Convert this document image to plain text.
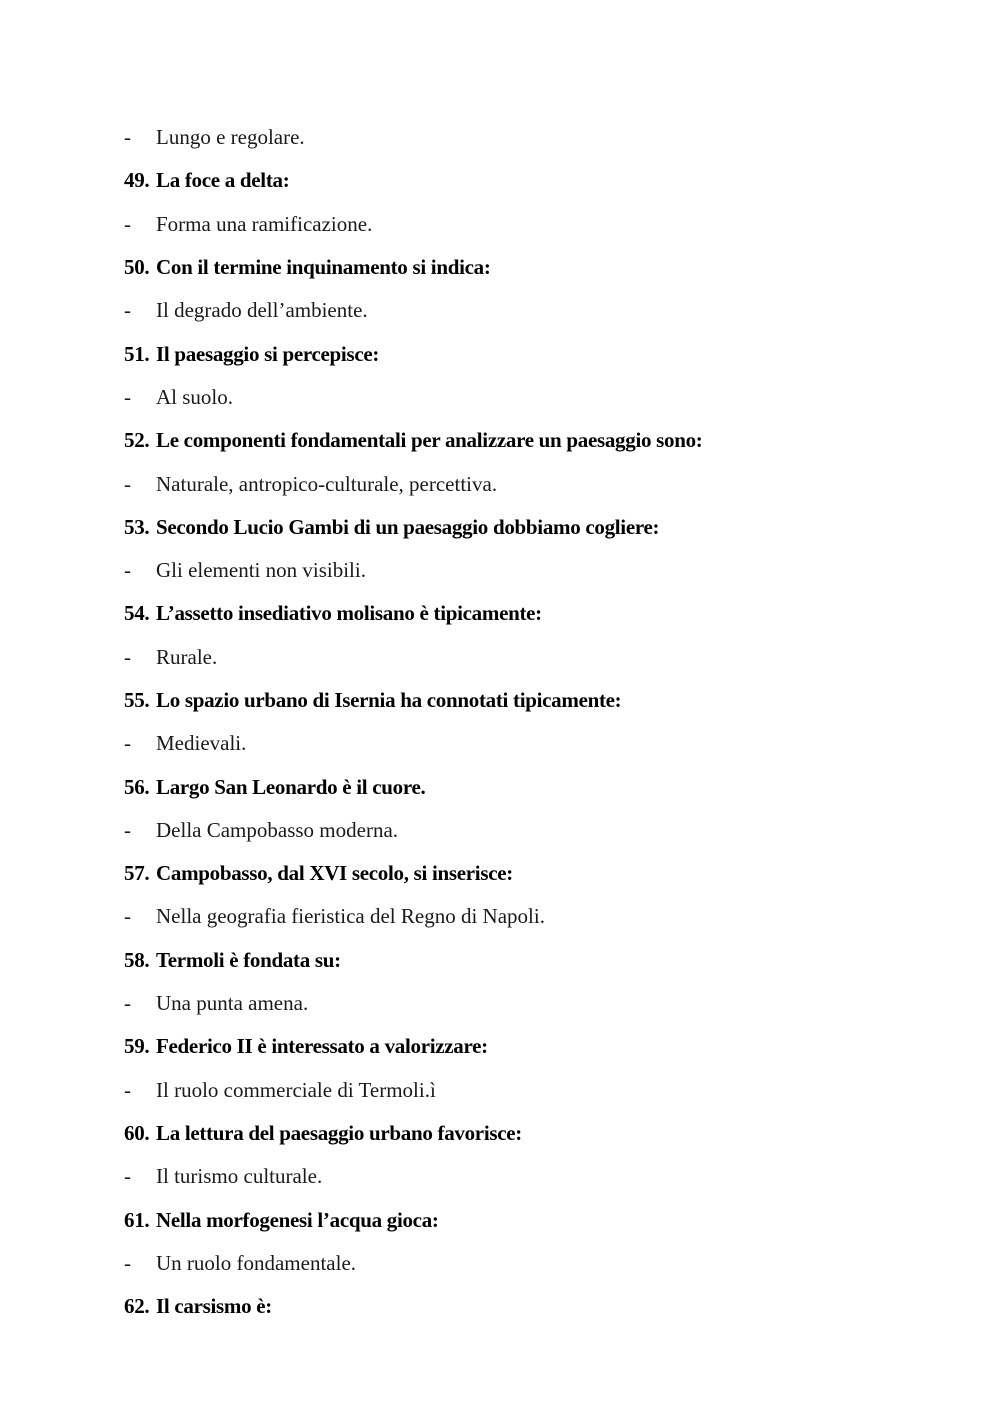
-	Lungo e regolare.
49. La foce a delta:
-	Forma una ramificazione.
50. Con il termine inquinamento si indica:
-	Il degrado dell’ambiente.
51. Il paesaggio si percepisce:
-	Al suolo.
52. Le componenti fondamentali per analizzare un paesaggio sono:
-	Naturale, antropico-culturale, percettiva.
53. Secondo Lucio Gambi di un paesaggio dobbiamo cogliere:
-	Gli elementi non visibili.
54. L’assetto insediativo molisano è tipicamente:
-	Rurale.
55. Lo spazio urbano di Isernia ha connotati tipicamente:
-	Medievali.
56. Largo San Leonardo è il cuore.
-	Della Campobasso moderna.
57. Campobasso, dal XVI secolo, si inserisce:
-	Nella geografia fieristica del Regno di Napoli.
58. Termoli è fondata su:
-	Una punta amena.
59. Federico II è interessato a valorizzare:
-	Il ruolo commerciale di Termoli.ì
60. La lettura del paesaggio urbano favorisce:
-	Il turismo culturale.
61. Nella morfogenesi l’acqua gioca:
-	Un ruolo fondamentale.
62. Il carsismo è:
